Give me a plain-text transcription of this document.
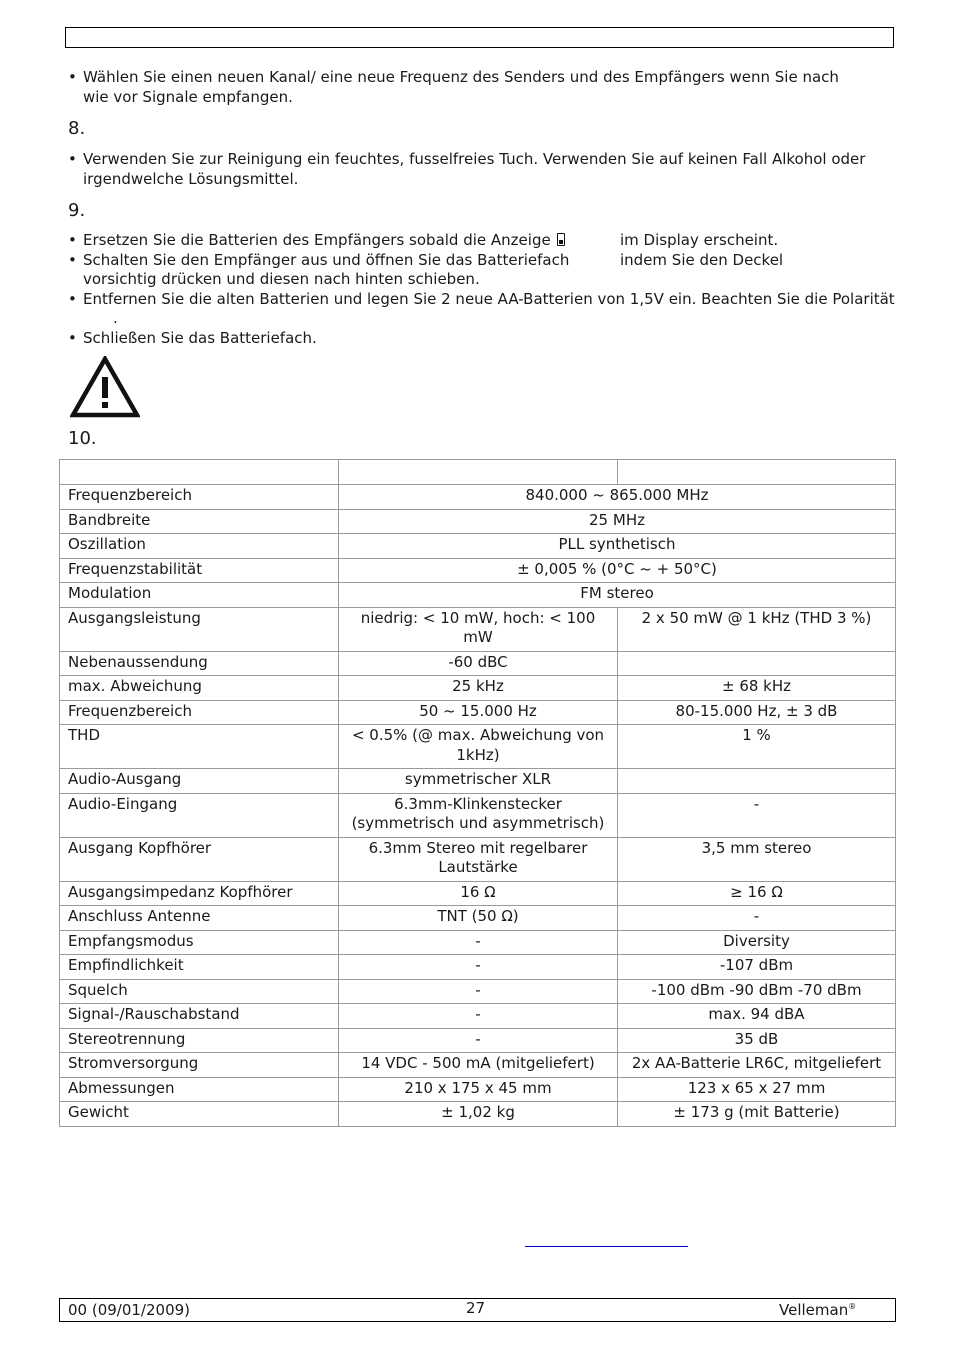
• Wählen Sie einen neuen Kanal/ eine neue Frequenz des Senders und des Empfängers wenn Sie nach wie vor Signale empfangen.
8.
• Verwenden Sie zur Reinigung ein feuchtes, fusselfreies Tuch. Verwenden Sie auf keinen Fall Alkohol oder irgendwelche Lösungsmittel.
9.
• Ersetzen Sie die Batterien des Empfängers sobald die Anzeige	im Display erscheint.
• Schalten Sie den Empfänger aus und öffnen Sie das Batteriefach	indem Sie den Deckel

vorsichtig drücken und diesen nach hinten schieben.
• Entfernen Sie die alten Batterien und legen Sie 2 neue AA-Batterien von 1,5V ein. Beachten Sie die Polarität .
• Schließen Sie das Batteriefach.
10.

Frequenzbereich	840.000 ~ 865.000 MHz	
Bandbreite	25 MHz	
Oszillation	PLL synthetisch	
Frequenzstabilität	± 0,005 % (0°C ~ + 50°C)	
Modulation	FM stereo	
Ausgangsleistung	niedrig: < 10 mW, hoch: < 100 mW	2 x 50 mW @ 1 kHz (THD 3 %)
Nebenaussendung	-60 dBC	
max. Abweichung	25 kHz	± 68 kHz
Frequenzbereich	50 ~ 15.000 Hz	80-15.000 Hz, ± 3 dB
THD	< 0.5% (@ max. Abweichung von 1kHz)	1 %
Audio-Ausgang	symmetrischer XLR	
Audio-Eingang	6.3mm-Klinkenstecker (symmetrisch und asymmetrisch)	-
Ausgang Kopfhörer	6.3mm Stereo mit regelbarer Lautstärke	3,5 mm stereo
Ausgangsimpedanz Kopfhörer	16 Ω	≥ 16 Ω
Anschluss Antenne	TNT (50 Ω)	-
Empfangsmodus	-	Diversity
Empfindlichkeit	-	-107 dBm
Squelch	-	-100 dBm -90 dBm -70 dBm
Signal-/Rauschabstand	-	max. 94 dBA
Stereotrennung	-	35 dB
Stromversorgung	14 VDC - 500 mA (mitgeliefert)	2x AA-Batterie LR6C, mitgeliefert
Abmessungen	210 x 175 x 45 mm	123 x 65 x 27 mm
Gewicht	± 1,02 kg	± 173 g (mit Batterie)
00 (09/01/2009)	27	Velleman®
